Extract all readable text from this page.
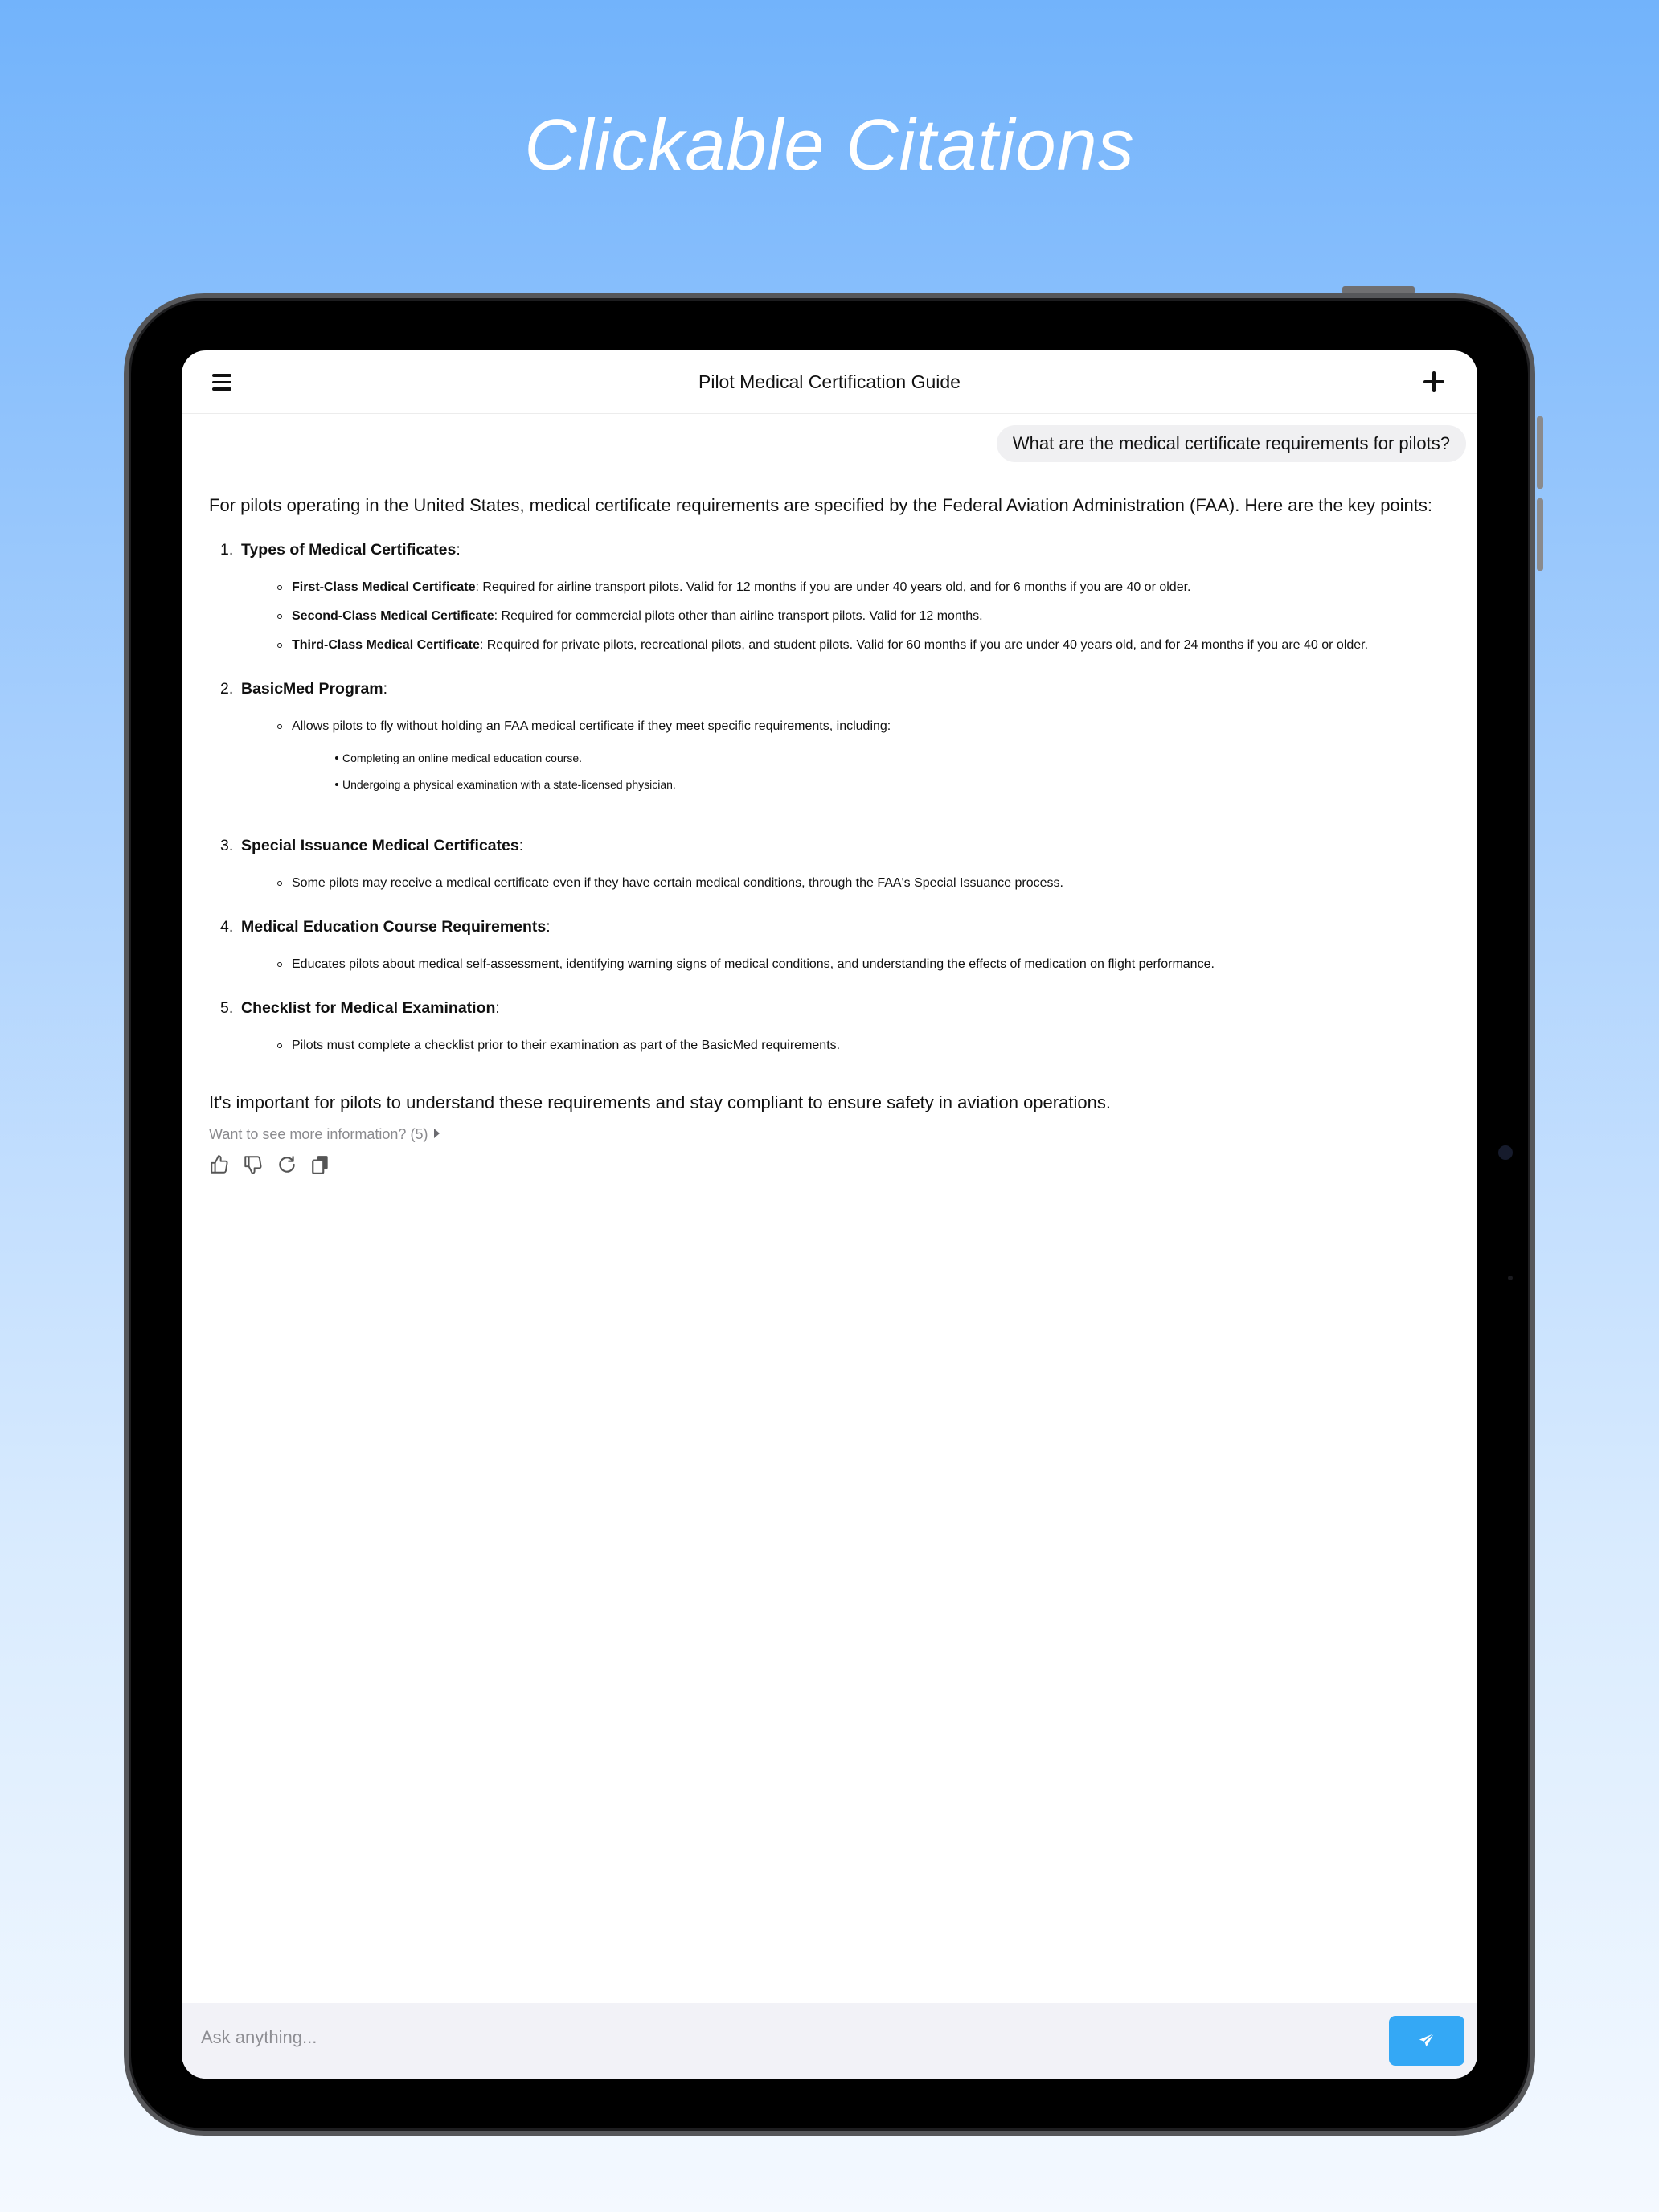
Clickable Citations
Pilot Medical Certification Guide
What are the medical certificate requirements for pilots?

For pilots operating in the United States, medical certificate requirements are specified by the Federal Aviation Administration (FAA). Here are the key points:

1. Types of Medical Certificates:
First-Class Medical Certificate: Required for airline transport pilots. Valid for 12 months if you are under 40 years old, and for 6 months if you are 40 or older.
Second-Class Medical Certificate: Required for commercial pilots other than airline transport pilots. Valid for 12 months.
Third-Class Medical Certificate: Required for private pilots, recreational pilots, and student pilots. Valid for 60 months if you are under 40 years old, and for 24 months if you are 40 or older.
2. BasicMed Program:
Allows pilots to fly without holding an FAA medical certificate if they meet specific requirements, including:
Completing an online medical education course.
Undergoing a physical examination with a state-licensed physician.
3. Special Issuance Medical Certificates:
Some pilots may receive a medical certificate even if they have certain medical conditions, through the FAA's Special Issuance process.
4. Medical Education Course Requirements:
Educates pilots about medical self-assessment, identifying warning signs of medical conditions, and understanding the effects of medication on flight performance.
5. Checklist for Medical Examination:
Pilots must complete a checklist prior to their examination as part of the BasicMed requirements.

It's important for pilots to understand these requirements and stay compliant to ensure safety in aviation operations.

Want to see more information? (5)
Ask anything...
